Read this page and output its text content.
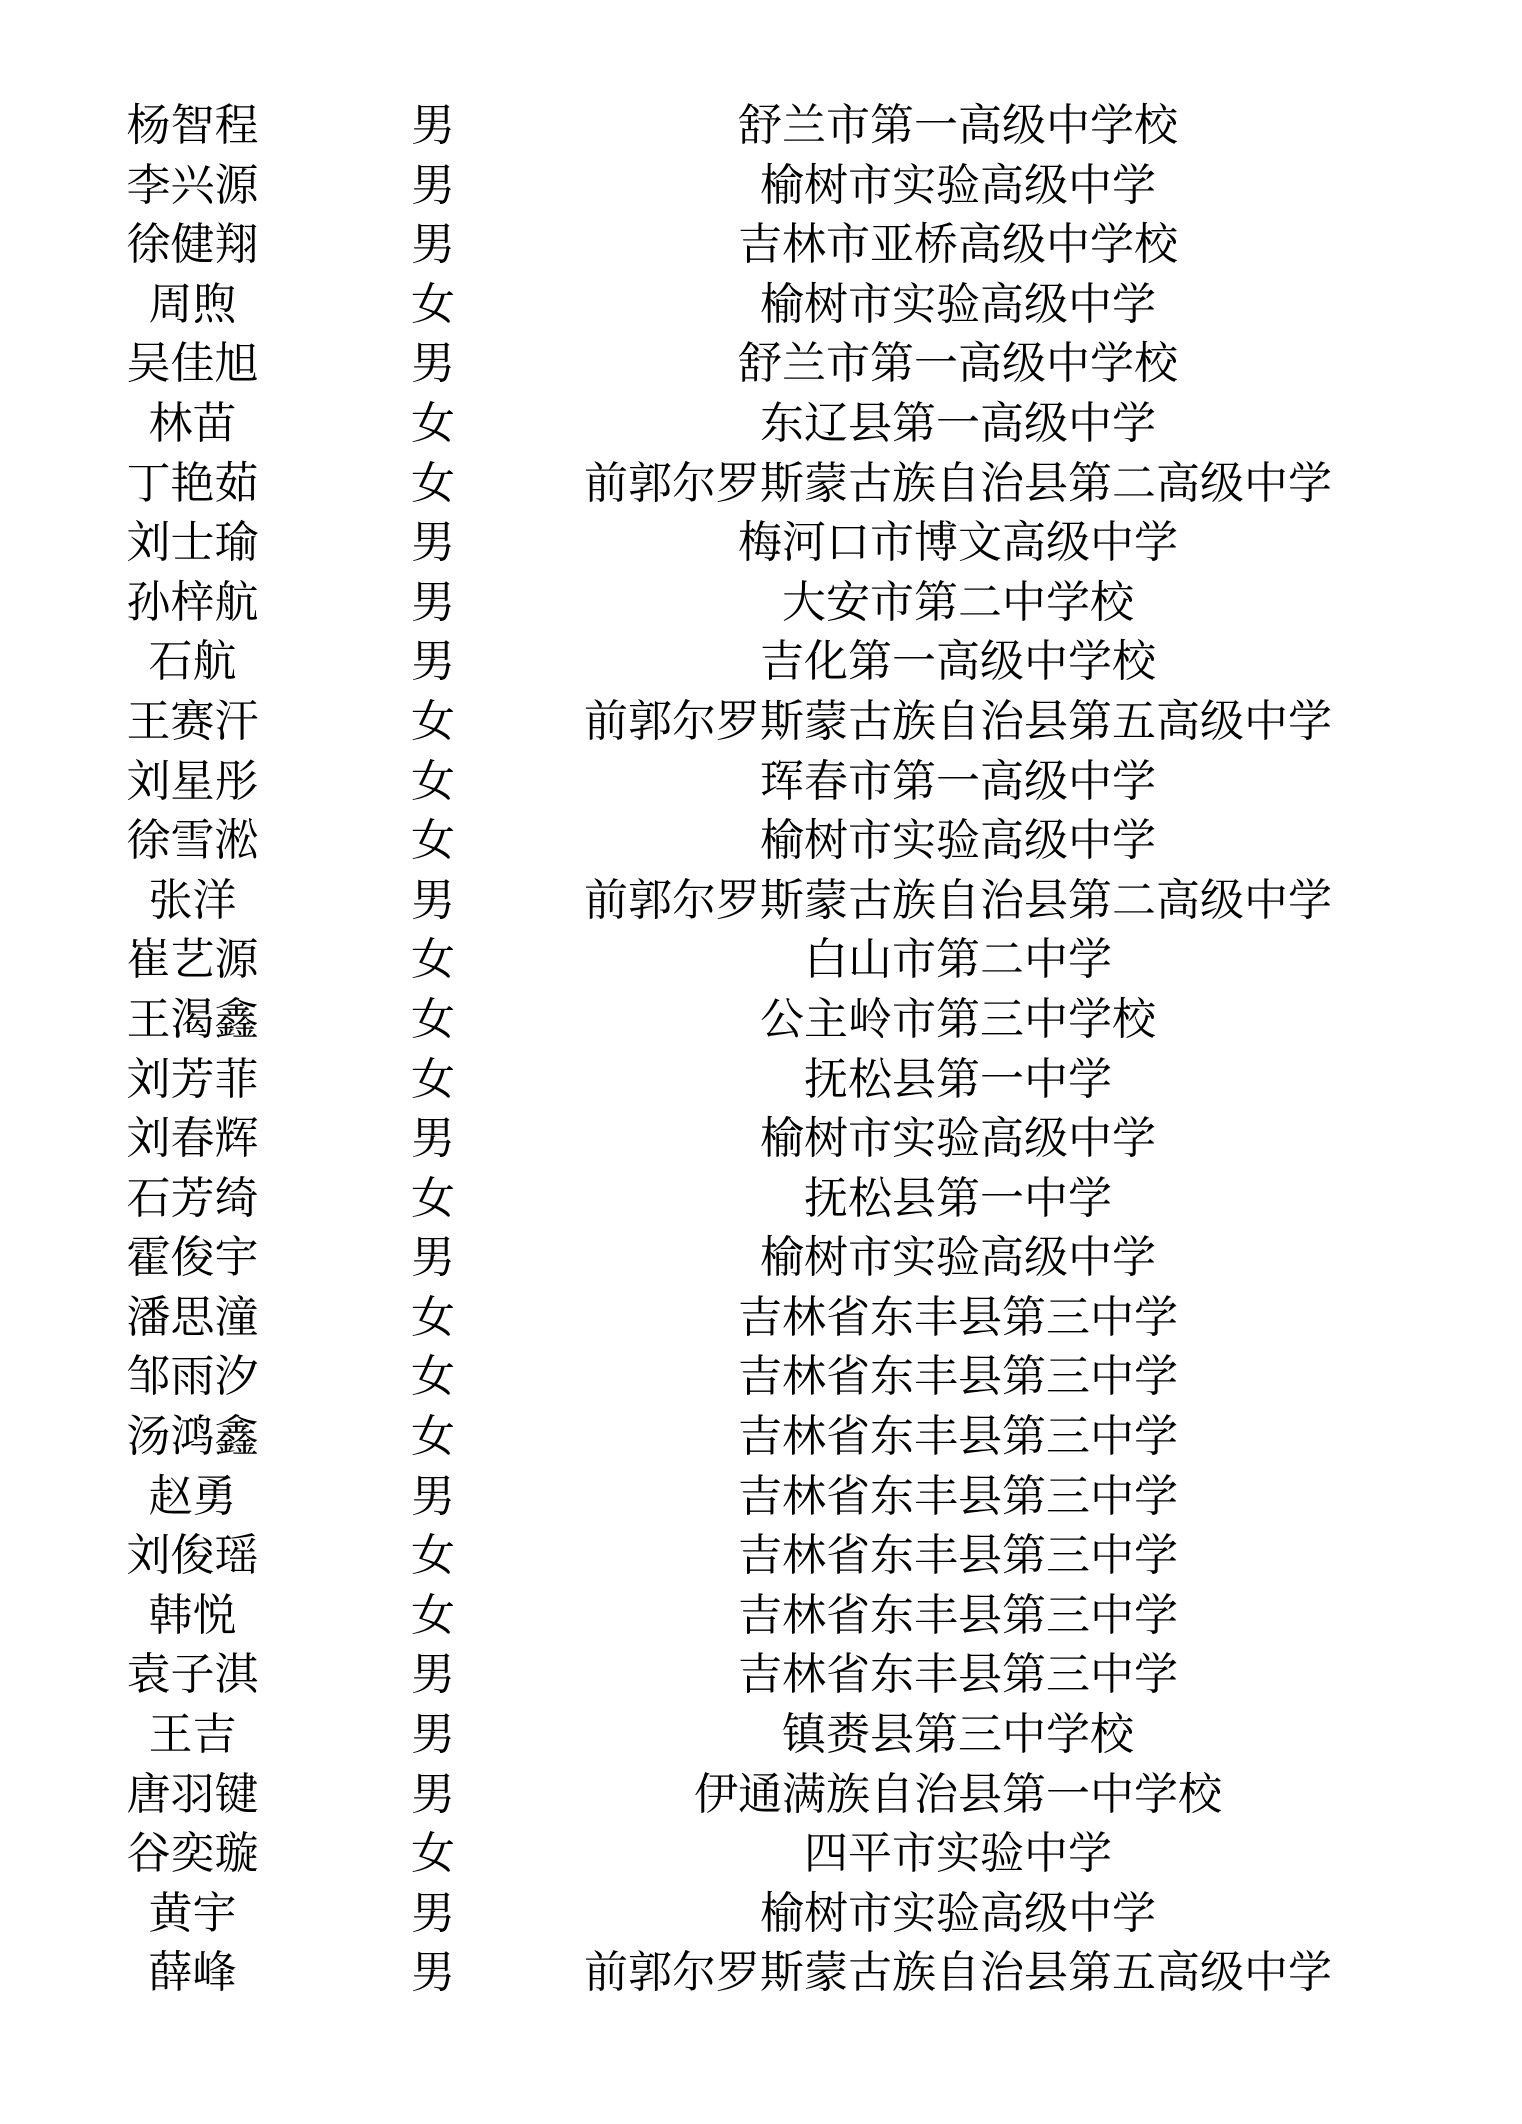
杨智程	男	舒兰市第一高级中学校
李兴源	男	榆树市实验高级中学
徐健翔	男	吉林市亚桥高级中学校
周煦	女	榆树市实验高级中学
吴佳旭	男	舒兰市第一高级中学校
林苗	女	东辽县第一高级中学
丁艳茹	女	前郭尔罗斯蒙古族自治县第二高级中学
刘士瑜	男	梅河口市博文高级中学
孙梓航	男	大安市第二中学校
石航	男	吉化第一高级中学校
王赛汗	女	前郭尔罗斯蒙古族自治县第五高级中学
刘星彤	女	珲春市第一高级中学
徐雪淞	女	榆树市实验高级中学
张洋	男	前郭尔罗斯蒙古族自治县第二高级中学
崔艺源	女	白山市第二中学
王渴鑫	女	公主岭市第三中学校
刘芳菲	女	抚松县第一中学
刘春辉	男	榆树市实验高级中学
石芳绮	女	抚松县第一中学
霍俊宇	男	榆树市实验高级中学
潘思潼	女	吉林省东丰县第三中学
邹雨汐	女	吉林省东丰县第三中学
汤鸿鑫	女	吉林省东丰县第三中学
赵勇	男	吉林省东丰县第三中学
刘俊瑶	女	吉林省东丰县第三中学
韩悦	女	吉林省东丰县第三中学
袁子淇	男	吉林省东丰县第三中学
王吉	男	镇赉县第三中学校
唐羽键	男	伊通满族自治县第一中学校
谷奕璇	女	四平市实验中学
黄宇	男	榆树市实验高级中学
薛峰	男	前郭尔罗斯蒙古族自治县第五高级中学
